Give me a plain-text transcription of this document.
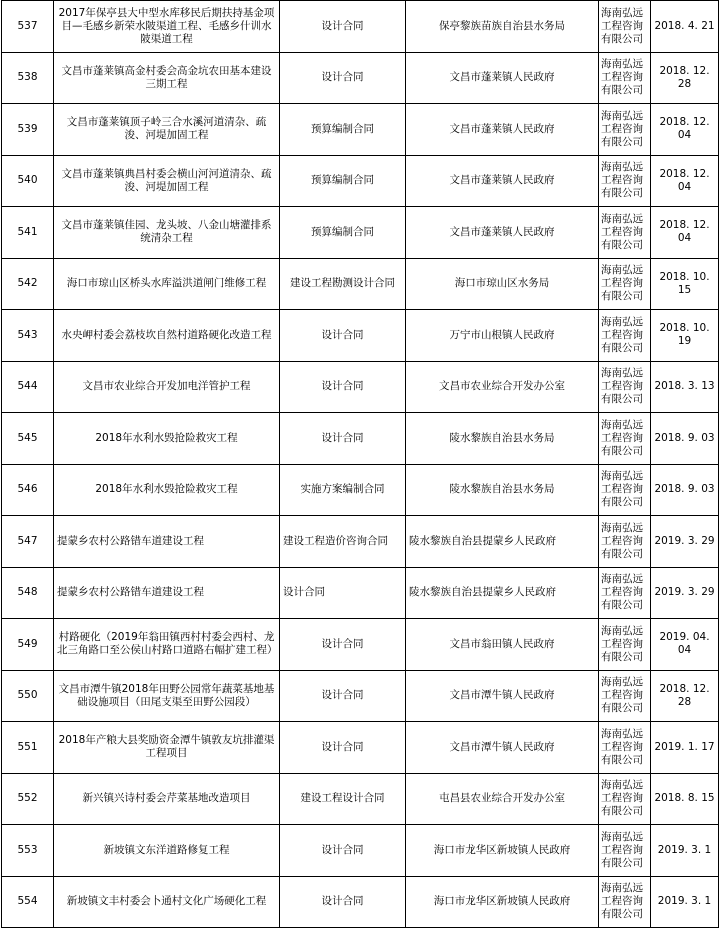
537	2017年保亭县大中型水库移民后期扶持基金项目—毛感乡新荣水陂渠道工程、毛感乡什训水陂渠道工程	设计合同	保亭黎族苗族自治县水务局	海南弘远工程咨询有限公司	2018. 4. 21
538	文昌市蓬莱镇高金村委会高金坑农田基本建设三期工程	设计合同	文昌市蓬莱镇人民政府	海南弘远工程咨询有限公司	2018. 12. 28
539	文昌市蓬莱镇顶子岭三合水溪河道清杂、疏浚、河堤加固工程	预算编制合同	文昌市蓬莱镇人民政府	海南弘远工程咨询有限公司	2018. 12. 04
540	文昌市蓬莱镇典昌村委会横山河河道清杂、疏浚、河堤加固工程	预算编制合同	文昌市蓬莱镇人民政府	海南弘远工程咨询有限公司	2018. 12. 04
541	文昌市蓬莱镇佳园、龙头坡、八金山塘灌排系统清杂工程	预算编制合同	文昌市蓬莱镇人民政府	海南弘远工程咨询有限公司	2018. 12. 04
542	海口市琼山区桥头水库溢洪道闸门维修工程	建设工程勘测设计合同	海口市琼山区水务局	海南弘远工程咨询有限公司	2018. 10. 15
543	水央岬村委会荔枝坎自然村道路硬化改造工程	设计合同	万宁市山根镇人民政府	海南弘远工程咨询有限公司	2018. 10. 19
544	文昌市农业综合开发加电洋管护工程	设计合同	文昌市农业综合开发办公室	海南弘远工程咨询有限公司	2018. 3. 13
545	2018年水利水毁抢险救灾工程	设计合同	陵水黎族自治县水务局	海南弘远工程咨询有限公司	2018. 9. 03
546	2018年水利水毁抢险救灾工程	实施方案编制合同	陵水黎族自治县水务局	海南弘远工程咨询有限公司	2018. 9. 03
547	提蒙乡农村公路错车道建设工程	建设工程造价咨询合同	陵水黎族自治县提蒙乡人民政府	海南弘远工程咨询有限公司	2019. 3. 29
548	提蒙乡农村公路错车道建设工程	设计合同	陵水黎族自治县提蒙乡人民政府	海南弘远工程咨询有限公司	2019. 3. 29
549	村路硬化（2019年翁田镇西村村委会西村、龙北三角路口至公侯山村路口道路右幅扩建工程）	设计合同	文昌市翁田镇人民政府	海南弘远工程咨询有限公司	2019. 04. 04
550	文昌市潭牛镇2018年田野公园常年蔬菜基地基础设施项目（田尾支渠至田野公园段）	设计合同	文昌市潭牛镇人民政府	海南弘远工程咨询有限公司	2018. 12. 28
551	2018年产粮大县奖励资金潭牛镇敦友坑排灌渠工程项目	设计合同	文昌市潭牛镇人民政府	海南弘远工程咨询有限公司	2019. 1. 17
552	新兴镇兴诗村委会芹菜基地改造项目	建设工程设计合同	屯昌县农业综合开发办公室	海南弘远工程咨询有限公司	2018. 8. 15
553	新坡镇文东洋道路修复工程	设计合同	海口市龙华区新坡镇人民政府	海南弘远工程咨询有限公司	2019. 3. 1
554	新坡镇文丰村委会卜通村文化广场硬化工程	设计合同	海口市龙华区新坡镇人民政府	海南弘远工程咨询有限公司	2019. 3. 1
